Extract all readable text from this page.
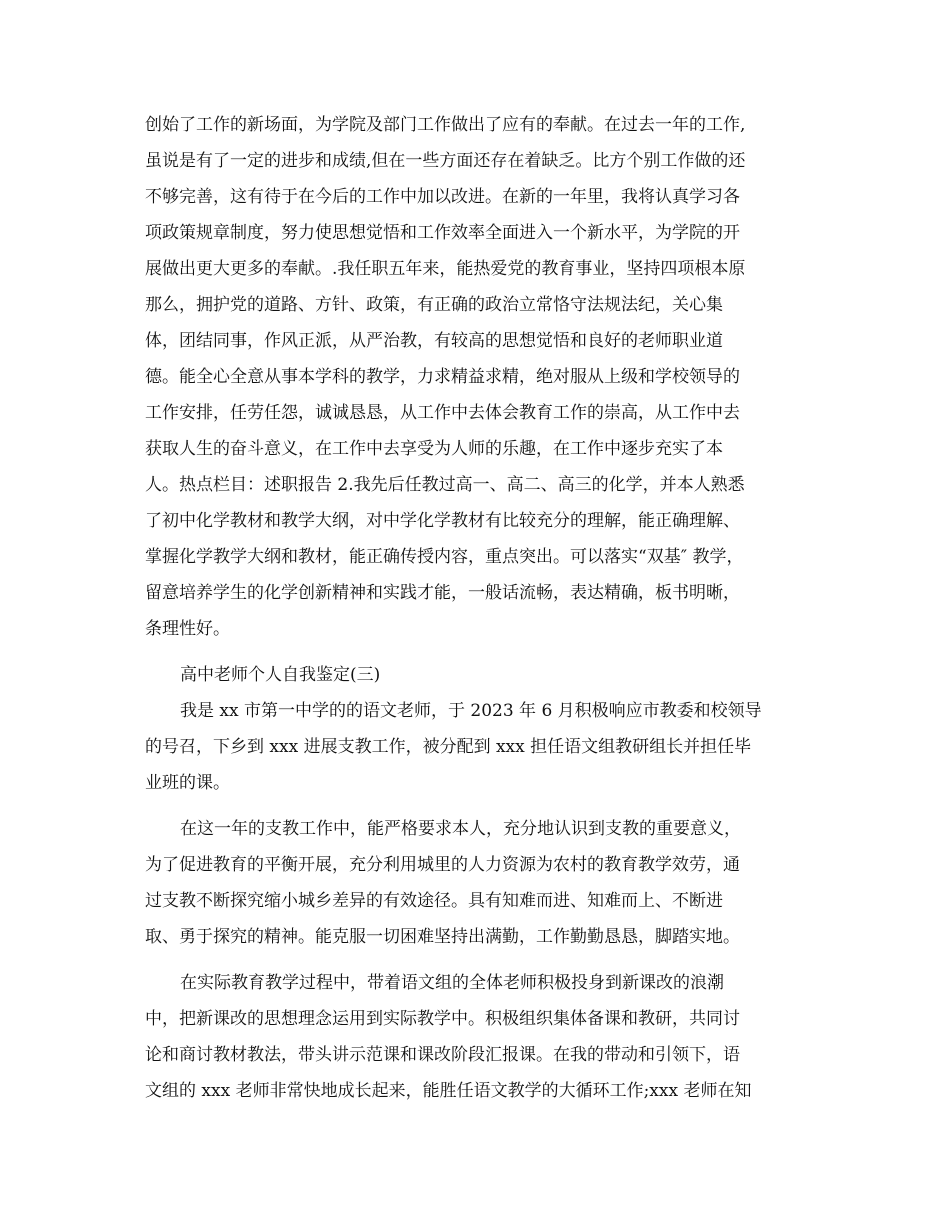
创始了工作的新场面，为学院及部门工作做出了应有的奉献。在过去一年的工作,
虽说是有了一定的进步和成绩,但在一些方面还存在着缺乏。比方个别工作做的还
不够完善，这有待于在今后的工作中加以改进。在新的一年里，我将认真学习各
项政策规章制度，努力使思想觉悟和工作效率全面进入一个新水平，为学院的开
展做出更大更多的奉献。.我任职五年来，能热爱党的教育事业，坚持四项根本原
那么，拥护党的道路、方针、政策，有正确的政治立常恪守法规法纪，关心集
体，团结同事，作风正派，从严治教，有较高的思想觉悟和良好的老师职业道
德。能全心全意从事本学科的教学，力求精益求精，绝对服从上级和学校领导的
工作安排，任劳任怨，诚诚恳恳，从工作中去体会教育工作的崇高，从工作中去
获取人生的奋斗意义，在工作中去享受为人师的乐趣，在工作中逐步充实了本
人。热点栏目：述职报告 2.我先后任教过高一、高二、高三的化学，并本人熟悉
了初中化学教材和教学大纲，对中学化学教材有比较充分的理解，能正确理解、
掌握化学教学大纲和教材，能正确传授内容，重点突出。可以落实“双基″ 教学，
留意培养学生的化学创新精神和实践才能，一般话流畅，表达精确，板书明晰，
条理性好。
高中老师个人自我鉴定(三)
我是 xx 市第一中学的的语文老师，于 2023 年 6 月积极响应市教委和校领导
的号召，下乡到 xxx 进展支教工作，被分配到 xxx 担任语文组教研组长并担任毕
业班的课。
在这一年的支教工作中，能严格要求本人，充分地认识到支教的重要意义，
为了促进教育的平衡开展，充分利用城里的人力资源为农村的教育教学效劳，通
过支教不断探究缩小城乡差异的有效途径。具有知难而进、知难而上、不断进
取、勇于探究的精神。能克服一切困难坚持出满勤，工作勤勤恳恳，脚踏实地。
在实际教育教学过程中，带着语文组的全体老师积极投身到新课改的浪潮
中，把新课改的思想理念运用到实际教学中。积极组织集体备课和教研，共同讨
论和商讨教材教法，带头讲示范课和课改阶段汇报课。在我的带动和引领下，语
文组的 xxx 老师非常快地成长起来，能胜任语文教学的大循环工作;xxx 老师在知
